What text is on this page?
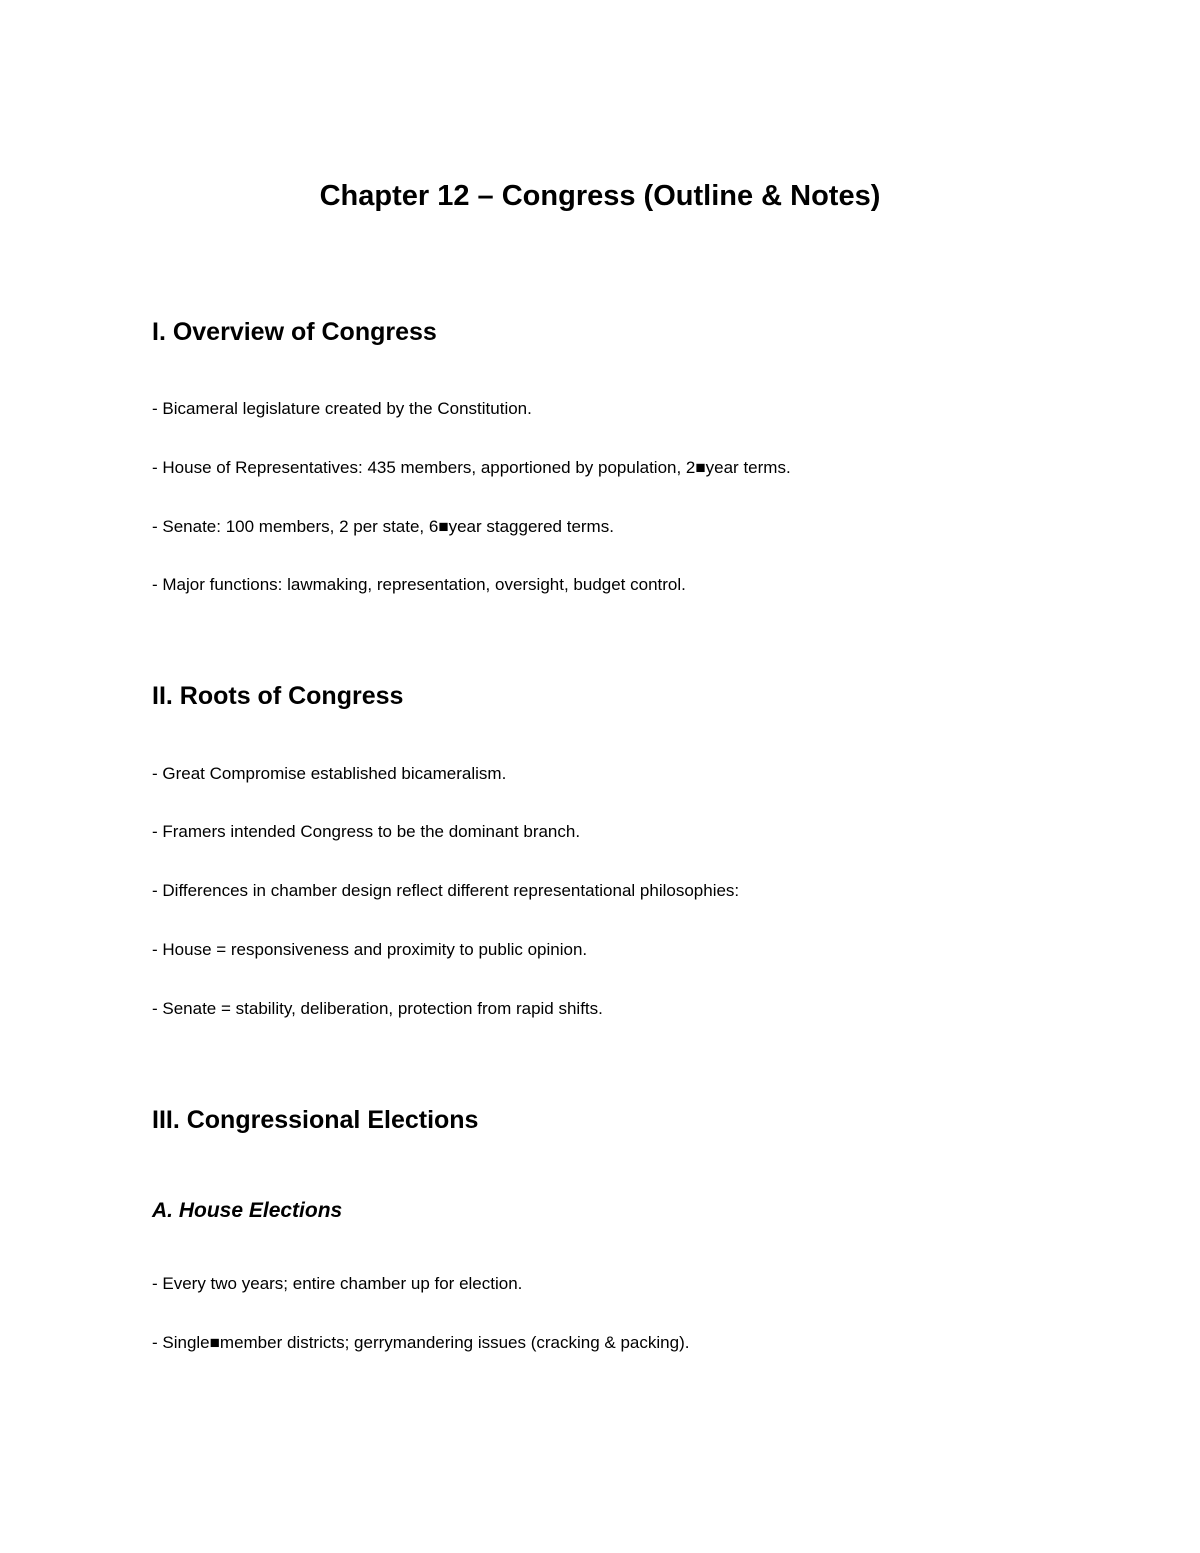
Chapter 12 – Congress (Outline & Notes)
I. Overview of Congress

- Bicameral legislature created by the Constitution.

- House of Representatives: 435 members, apportioned by population, 2■year terms.

- Senate: 100 members, 2 per state, 6■year staggered terms.

- Major functions: lawmaking, representation, oversight, budget control.

II. Roots of Congress

- Great Compromise established bicameralism.

- Framers intended Congress to be the dominant branch.

- Differences in chamber design reflect different representational philosophies:

- House = responsiveness and proximity to public opinion.

- Senate = stability, deliberation, protection from rapid shifts.

III. Congressional Elections
A. House Elections

- Every two years; entire chamber up for election.

- Single■member districts; gerrymandering issues (cracking & packing).
